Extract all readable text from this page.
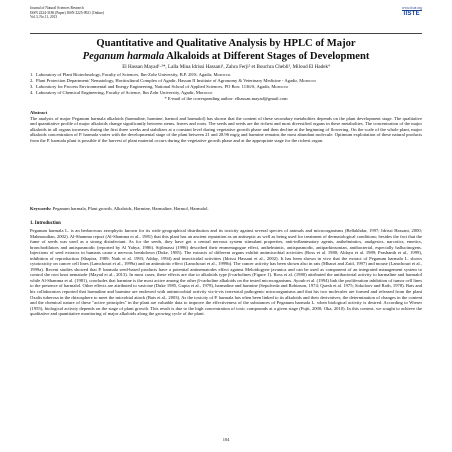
Journal of Natural Sciences Research
ISSN 2224-3186 (Paper) ISSN 2225-0921 (Online)
Vol.3, No.11, 2013
www.iiste.org
IISTE
Quantitative and Qualitative Analysis by HPLC of Major
Peganum harmala Alkaloids at Different Stages of Development
El Hassan Mayad¹·²*, Lalla Mina Idrissi Hassani¹, Zahra Ferji² et Bouchra Chebli³, Miloud El Hadek⁴
1. Laboratory of Plant Biotechnology, Faculty of Sciences, Ibn-Zohr University, B.P. 28/S, Agadir, Morocco.
2. Plant Protection Department/ Nematology, Horticultural Complex of Agadir, Hassan II Institute of Agronomy & Veterinary Medicine - Agadir, Morocco
3. Laboratory for Process Environmental and Energy Engineering, National School of Applied Sciences, PO Box: 1136/S, Agadir, Morocco
4. Laboratory of Chemical Engineering, Faculty of Science, Ibn Zohr University, Agadir, Morocco
* E-mail of the corresponding author: elhassan.mayad@gmail.com
Abstract
The analysis of major Peganum harmala alkaloids (harmaline, harmine, harmol and harmalol) has shown that the content of these secondary metabolites depends on the plant development stage. The qualitative and quantitative profile of major alkaloids change significantly between stems, leaves and roots. The seeds and seeds are the richest and most diversified organs in these metabolites. The concentration of the major alkaloids in all organs increases during the first three weeks and stabilizes at a constant level during vegetative growth phase and then decline at the beginning of flowering. On the scale of the whole plant, major alkaloids concentration of P. harmala varies with the developmental stage of the plant between 21 and 28.96 mg/g and harmine remains the most abundant molecule. Optimum exploitation of these natural products from the P. harmala plant is possible if the harvest of plant material occurs during the vegetative growth phase and at the appropriate stage for the richest organ.
Keywords: Peganum harmala, Plant growth, Alkaloids, Harmine, Harmaline, Harmol, Harmalol.
1. Introduction
Peganum harmala L. is an herbaceous xerophytic known for its wide geographical distribution and its toxicity against several species of animals and microorganisms (Bellakhdar, 1997; Idrissi Hassani, 2000; Mahmoudian, 2002). Al-Shamma report (Al-Shamma et al., 1981) that this plant has an ancient reputation as an antiseptic as well as being used for treatment of dermatological conditions; besides the fact that the fume of seeds was used as a strong disinfectant. As for the seeds, they have got a central nervous system stimulant properties, anti-inflammatory agents, anthelmintics, analgesics, narcotics, emetics, bronchodilators and antispasmodic (reported by Al Yahya, 1986). Sijilmassi (1996) described their emmenagogue effect, anthelmintic, antispasmodic, antiparkinsonian, antibacterial, especially hallucinogens. Injections of seed extracts in humans cause a nervous breakdown (Duke, 1985). The extracts of different organs exhibit antimicrobial activities (Ross et al. 1980; Aldaya et al. 1989; Prashanth et al., 1999), inhibition of reproduction (Shapira, 1989; Nath et al. 1993; Adday, 1994) and insecticidal activities (Idrissi Hassani et al., 2002). It has been shown in vivo that the extract of Peganum harmala L. shows cytotoxicity on cancer cell lines (Lamchouri et al., 1999a) and an antimitotic effect (Lamchouri et al., 1999b). The cancer activity has been shown also in rats (Mharzi and Zaid, 1997) and mouse (Lamchouri et al., 1999a). Recent studies showed that P. harmala seed-based products have a potential antinematodes effect against Meloidogyne javanica and can be used as component of an integrated management system to control the root knot nematode (Mayad et al., 2013). In most cases, these effects are due to alkaloids type β-carbolines (Figure 1). Ross et al. (1980) attributed the antibacterial activity to harmaline and harmalol while Al-Shamma et al. (1981), concludes that harmine is the most active among the other β-carboline alkaloids on the tested microorganisms. Ayoub et al. (1994) link the proliferation inhibition of tumor cell lines to the presence of harmalol. Other effects are attributed to vasicine (Duke 1985, Gupta et al., 1978), harmaline and harmine (Sepulveda and Robinson, 1974; Quesh et al. 1975; Sokoloov and Roth, 1978). Bais and his collaborators reported that harmaline and harmine are endowed with antimicrobial activity vis-à-vis terrestrial pathogenic microorganisms and that his two molecules are formed and released from the plant Oxalis tuberosa in the rhizosphere to meet the microbial attack (Bais et al., 2003). As the toxicity of P. harmala has often been linked to its alkaloids and their derivatives, the determination of changes in the content and the chemical nature of these "active principles" in the plant are valuable data to improve the effectiveness of the substances of Peganum harmala L. when biological activity is desired. According to Wieser (1955), biological activity depends on the stage of plant growth. This result is due to the high concentration of toxic compounds at a given stage (Fujii, 2000; Oka, 2010). In this context, we sought to achieve the qualitative and quantitative monitoring of major alkaloids along the growing cycle of the plant.
104
